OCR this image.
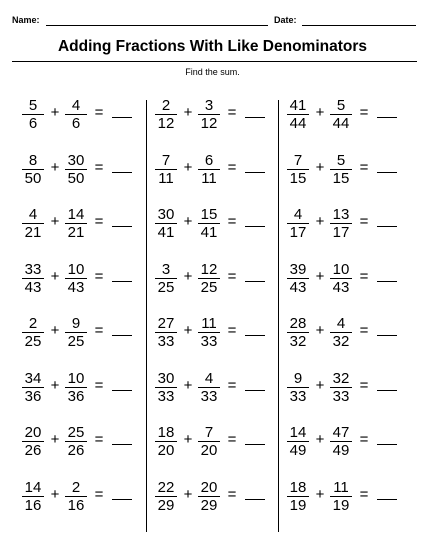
Name:	Date:
Adding Fractions With Like Denominators
Find the sum.
5
6
+ 4
6
=
8
50
+ 30
50
=
4
21
+ 14
21
=
33
43
+ 10
43
=
2
25
+ 9
25
=
34
36
+ 10
36
=
20
26
+ 25
26
=
14
16
+ 2
16
=
2
12
+ 3
12
=
7
11
+ 6
11
=
30
41
+ 15
41
=
3
25
+ 12
25
=
27
33
+ 11
33
=
30
33
+ 4
33
=
18
20
+ 7
20
=
22
29
+ 20
29
=
41
44
+ 5
44
=
7
15
+ 5
15
=
4
17
+ 13
17
=
39
43
+ 10
43
=
28
32
+ 4
32
=
9
33
+ 32
33
=
14
49
+ 47
49
=
18
19
+ 11
19
=
